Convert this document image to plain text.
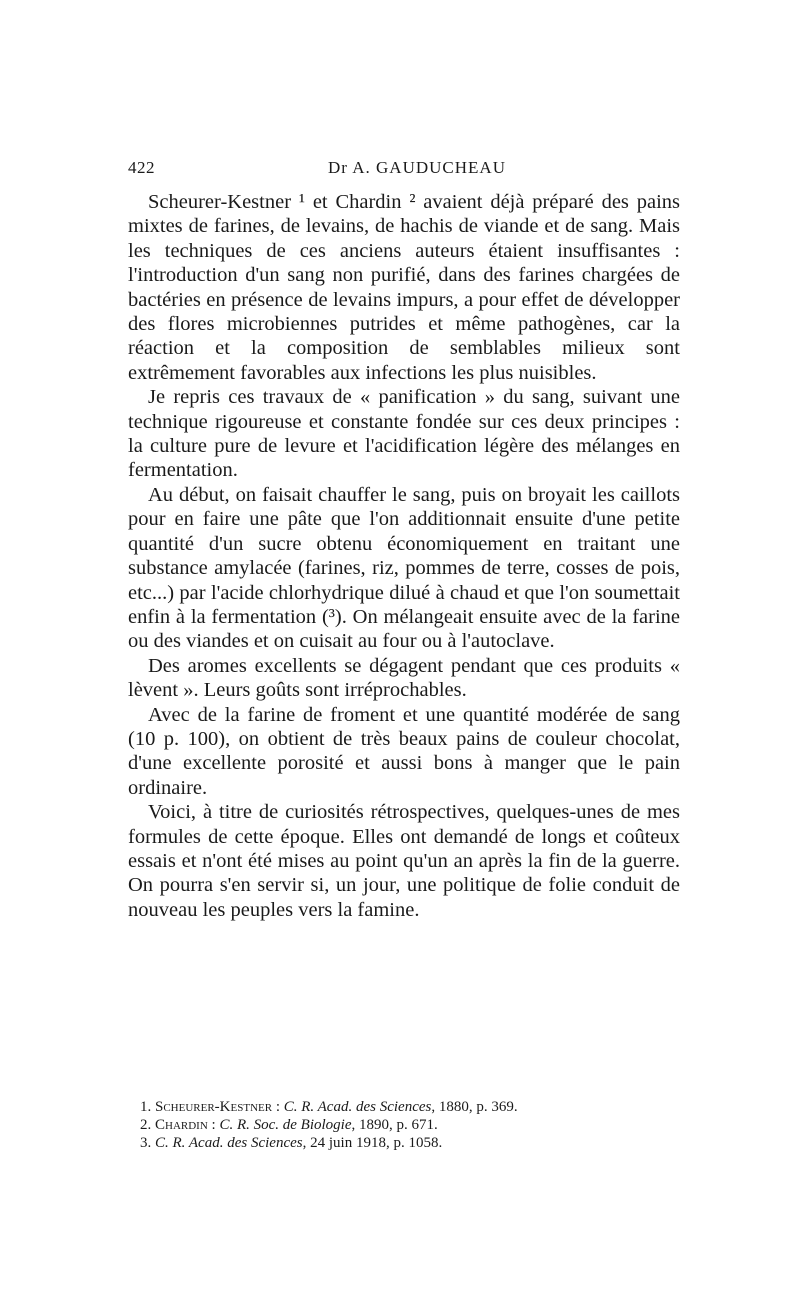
422	Dr A. GAUDUCHEAU

Scheurer-Kestner ¹ et Chardin ² avaient déjà préparé des pains mixtes de farines, de levains, de hachis de viande et de sang. Mais les techniques de ces anciens auteurs étaient insuffisantes : l'introduction d'un sang non purifié, dans des farines chargées de bactéries en présence de levains impurs, a pour effet de développer des flores microbiennes putrides et même pathogènes, car la réaction et la composition de semblables milieux sont extrêmement favorables aux infections les plus nuisibles.

Je repris ces travaux de « panification » du sang, suivant une technique rigoureuse et constante fondée sur ces deux principes : la culture pure de levure et l'acidification légère des mélanges en fermentation.

Au début, on faisait chauffer le sang, puis on broyait les caillots pour en faire une pâte que l'on additionnait ensuite d'une petite quantité d'un sucre obtenu économiquement en traitant une substance amylacée (farines, riz, pommes de terre, cosses de pois, etc...) par l'acide chlorhydrique dilué à chaud et que l'on soumettait enfin à la fermentation (³). On mélangeait ensuite avec de la farine ou des viandes et on cuisait au four ou à l'autoclave.

Des aromes excellents se dégagent pendant que ces produits « lèvent ». Leurs goûts sont irréprochables.

Avec de la farine de froment et une quantité modérée de sang (10 p. 100), on obtient de très beaux pains de couleur chocolat, d'une excellente porosité et aussi bons à manger que le pain ordinaire.

Voici, à titre de curiosités rétrospectives, quelques-unes de mes formules de cette époque. Elles ont demandé de longs et coûteux essais et n'ont été mises au point qu'un an après la fin de la guerre. On pourra s'en servir si, un jour, une politique de folie conduit de nouveau les peuples vers la famine.

1. Scheurer-Kestner : C. R. Acad. des Sciences, 1880, p. 369.

2. Chardin : C. R. Soc. de Biologie, 1890, p. 671.

3. C. R. Acad. des Sciences, 24 juin 1918, p. 1058.
